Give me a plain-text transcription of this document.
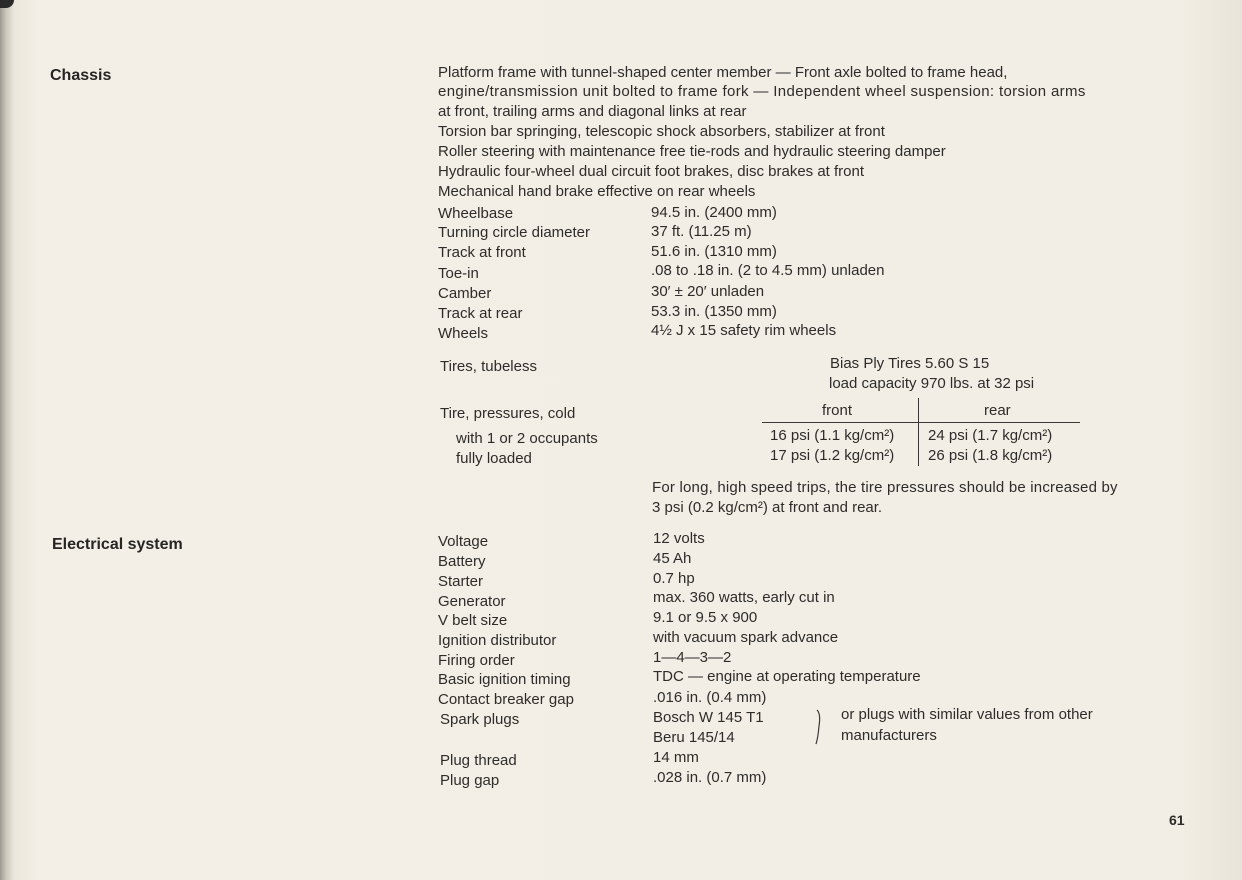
Chassis	Platform frame with tunnel-shaped center member — Front axle bolted to frame head,
engine/transmission unit bolted to frame fork — Independent wheel suspension: torsion arms
at front, trailing arms and diagonal links at rear
Torsion bar springing, telescopic shock absorbers, stabilizer at front
Roller steering with maintenance free tie-rods and hydraulic steering damper
Hydraulic four-wheel dual circuit foot brakes, disc brakes at front
Mechanical hand brake effective on rear wheels
Wheelbase	94.5 in. (2400 mm)
Turning circle diameter	37 ft. (11.25 m)
Track at front	51.6 in. (1310 mm)
Toe-in	.08 to .18 in. (2 to 4.5 mm) unladen
Camber	30′ ± 20′ unladen
Track at rear	53.3 in. (1350 mm)
Wheels	4½ J x 15 safety rim wheels
Tires, tubeless	Bias Ply Tires 5.60 S 15
load capacity 970 lbs. at 32 psi
Tire, pressures, cold	front	rear
with 1 or 2 occupants	16 psi (1.1 kg/cm²) 24 psi (1.7 kg/cm²)
fully loaded	17 psi (1.2 kg/cm²) 26 psi (1.8 kg/cm²)
For long, high speed trips, the tire pressures should be increased by
3 psi (0.2 kg/cm²) at front and rear.
Electrical system	Voltage	12 volts
Battery	45 Ah
Starter	0.7 hp
Generator	max. 360 watts, early cut in
V belt size	9.1 or 9.5 x 900
Ignition distributor	with vacuum spark advance
Firing order	1—4—3—2
Basic ignition timing	TDC — engine at operating temperature
Contact breaker gap	.016 in. (0.4 mm)
Spark plugs	Bosch W 145 T1
Beru 145/14
or plugs with similar values from other
manufacturers
Plug thread	14 mm
Plug gap	.028 in. (0.7 mm)
61
